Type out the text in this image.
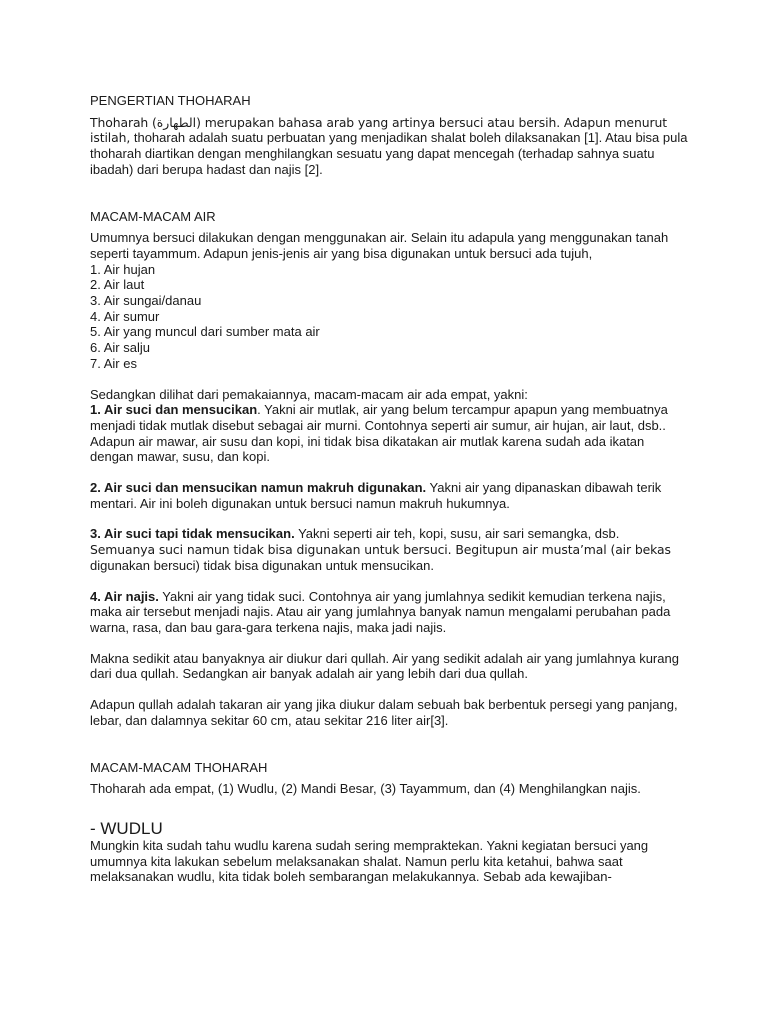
PENGERTIAN THOHARAH

Thoharah (الطهارة) merupakan bahasa arab yang artinya bersuci atau bersih. Adapun menurut istilah, thoharah adalah suatu perbuatan yang menjadikan shalat boleh dilaksanakan [1]. Atau bisa pula thoharah diartikan dengan menghilangkan sesuatu yang dapat mencegah (terhadap sahnya suatu ibadah) dari berupa hadast dan najis [2].

MACAM-MACAM AIR

Umumnya bersuci dilakukan dengan menggunakan air. Selain itu adapula yang menggunakan tanah seperti tayammum. Adapun jenis-jenis air yang bisa digunakan untuk bersuci ada tujuh,

1. Air hujan
2. Air laut
3. Air sungai/danau
4. Air sumur
5. Air yang muncul dari sumber mata air
6. Air salju
7. Air es

Sedangkan dilihat dari pemakaiannya, macam-macam air ada empat, yakni:

1. Air suci dan mensucikan. Yakni air mutlak, air yang belum tercampur apapun yang membuatnya menjadi tidak mutlak disebut sebagai air murni. Contohnya seperti air sumur, air hujan, air laut, dsb.. Adapun air mawar, air susu dan kopi, ini tidak bisa dikatakan air mutlak karena sudah ada ikatan dengan mawar, susu, dan kopi.

2. Air suci dan mensucikan namun makruh digunakan. Yakni air yang dipanaskan dibawah terik mentari. Air ini boleh digunakan untuk bersuci namun makruh hukumnya.

3. Air suci tapi tidak mensucikan. Yakni seperti air teh, kopi, susu, air sari semangka, dsb.
Semuanya suci namun tidak bisa digunakan untuk bersuci. Begitupun air musta’mal (air bekas digunakan bersuci) tidak bisa digunakan untuk mensucikan.

4. Air najis. Yakni air yang tidak suci. Contohnya air yang jumlahnya sedikit kemudian terkena najis, maka air tersebut menjadi najis. Atau air yang jumlahnya banyak namun mengalami perubahan pada warna, rasa, dan bau gara-gara terkena najis, maka jadi najis.

Makna sedikit atau banyaknya air diukur dari qullah. Air yang sedikit adalah air yang jumlahnya kurang dari dua qullah. Sedangkan air banyak adalah air yang lebih dari dua qullah.

Adapun qullah adalah takaran air yang jika diukur dalam sebuah bak berbentuk persegi yang panjang, lebar, dan dalamnya sekitar 60 cm, atau sekitar 216 liter air[3].

MACAM-MACAM THOHARAH

Thoharah ada empat, (1) Wudlu, (2) Mandi Besar, (3) Tayammum, dan (4) Menghilangkan najis.

- WUDLU

Mungkin kita sudah tahu wudlu karena sudah sering mempraktekan. Yakni kegiatan bersuci yang umumnya kita lakukan sebelum melaksanakan shalat. Namun perlu kita ketahui, bahwa saat melaksanakan wudlu, kita tidak boleh sembarangan melakukannya. Sebab ada kewajiban-
